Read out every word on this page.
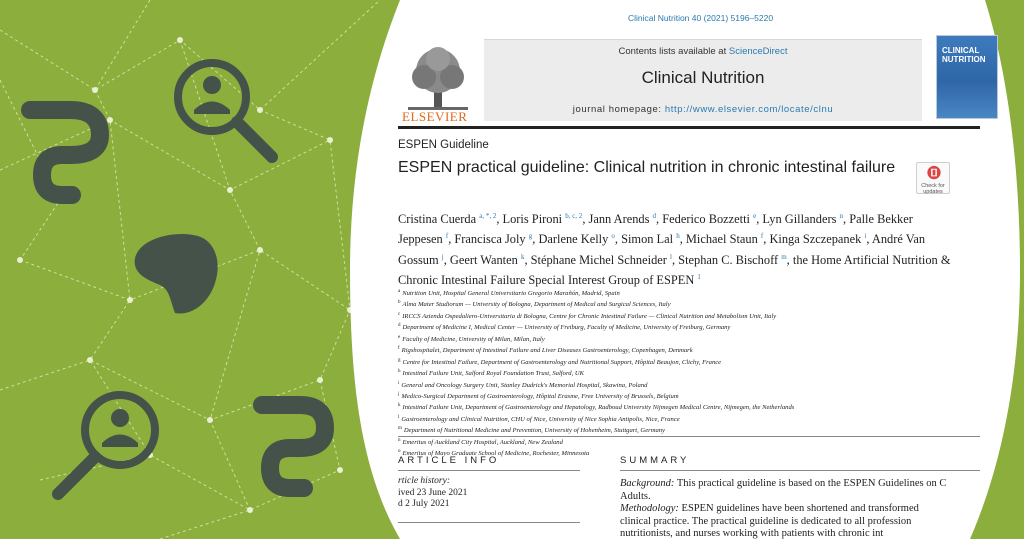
Clinical Nutrition 40 (2021) 5196–5220
ELSEVIER
Contents lists available at ScienceDirect
Clinical Nutrition
journal homepage: http://www.elsevier.com/locate/clnu
CLINICAL
NUTRITION
ESPEN Guideline
ESPEN practical guideline: Clinical nutrition in chronic intestinal failure
Check for updates
Cristina Cuerda $^{a, *, 2}$, Loris Pironi $^{b, c, 2}$, Jann Arends $^d$, Federico Bozzetti $^e$, Lyn Gillanders $^n$, Palle Bekker Jeppesen $^f$, Francisca Joly $^g$, Darlene Kelly $^o$, Simon Lal $^h$, Michael Staun $^f$, Kinga Szczepanek $^i$, André Van Gossum $^j$, Geert Wanten $^k$, Stéphane Michel Schneider $^l$, Stephan C. Bischoff $^m$, the Home Artificial Nutrition & Chronic Intestinal Failure Special Interest Group of ESPEN $^1$
$^a$ Nutrition Unit, Hospital General Universitario Gregorio Marañón, Madrid, Spain
$^b$ Alma Mater Studiorum — University of Bologna, Department of Medical and Surgical Sciences, Italy
$^c$ IRCCS Azienda Ospedaliero-Universitaria di Bologna, Centre for Chronic Intestinal Failure — Clinical Nutrition and Metabolism Unit, Italy
$^d$ Department of Medicine I, Medical Center — University of Freiburg, Faculty of Medicine, University of Freiburg, Germany
$^e$ Faculty of Medicine, University of Milan, Milan, Italy
$^f$ Rigshospitalet, Department of Intestinal Failure and Liver Diseases Gastroenterology, Copenhagen, Denmark
$^g$ Centre for Intestinal Failure, Department of Gastroenterology and Nutritional Support, Hôpital Beaujon, Clichy, France
$^h$ Intestinal Failure Unit, Salford Royal Foundation Trust, Salford, UK
$^i$ General and Oncology Surgery Unit, Stanley Dudrick's Memorial Hospital, Skawina, Poland
$^j$ Medico-Surgical Department of Gastroenterology, Hôpital Erasme, Free University of Brussels, Belgium
$^k$ Intestinal Failure Unit, Department of Gastroenterology and Hepatology, Radboud University Nijmegen Medical Centre, Nijmegen, the Netherlands
$^l$ Gastroenterology and Clinical Nutrition, CHU of Nice, University of Nice Sophia Antipolis, Nice, France
$^m$ Department of Nutritional Medicine and Prevention, University of Hohenheim, Stuttgart, Germany
$^n$ Emeritus of Auckland City Hospital, Auckland, New Zealand
$^o$ Emeritus of Mayo Graduate School of Medicine, Rochester, Minnesota
ARTICLE INFO
rticle history:
ived 23 June 2021
d 2 July 2021
SUMMARY
Background: This practical guideline is based on the ESPEN Guidelines on C
Adults.
Methodology: ESPEN guidelines have been shortened and transformed
clinical practice. The practical guideline is dedicated to all profession
nutritionists, and nurses working with patients with chronic int
